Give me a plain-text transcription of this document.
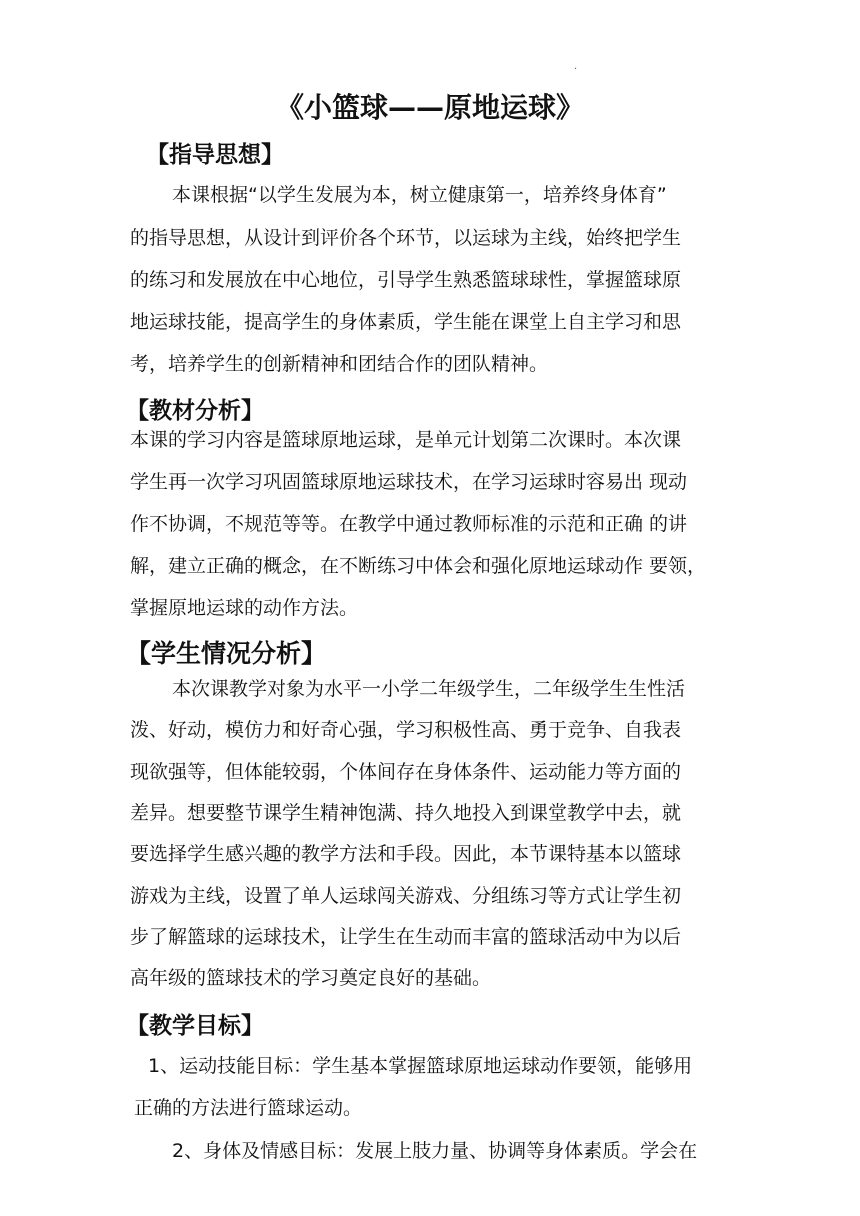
.
《小篮球——原地运球》
【指导思想】
本课根据“以学生发展为本，树立健康第一，培养终身体育”
的指导思想，从设计到评价各个环节，以运球为主线，始终把学生
的练习和发展放在中心地位，引导学生熟悉篮球球性，掌握篮球原
地运球技能，提高学生的身体素质，学生能在课堂上自主学习和思
考，培养学生的创新精神和团结合作的团队精神。
【教材分析】
本课的学习内容是篮球原地运球，是单元计划第二次课时。本次课
学生再一次学习巩固篮球原地运球技术，在学习运球时容易出 现动
作不协调，不规范等等。在教学中通过教师标准的示范和正确 的讲
解，建立正确的概念，在不断练习中体会和强化原地运球动作 要领，
掌握原地运球的动作方法。
【学生情况分析】
本次课教学对象为水平一小学二年级学生，二年级学生生性活
泼、好动，模仿力和好奇心强，学习积极性高、勇于竞争、自我表
现欲强等，但体能较弱，个体间存在身体条件、运动能力等方面的
差异。想要整节课学生精神饱满、持久地投入到课堂教学中去，就
要选择学生感兴趣的教学方法和手段。因此，本节课特基本以篮球
游戏为主线，设置了单人运球闯关游戏、分组练习等方式让学生初
步了解篮球的运球技术，让学生在生动而丰富的篮球活动中为以后
高年级的篮球技术的学习奠定良好的基础。
【教学目标】
1、运动技能目标：学生基本掌握篮球原地运球动作要领，能够用
正确的方法进行篮球运动。
2、身体及情感目标：发展上肢力量、协调等身体素质。学会在
